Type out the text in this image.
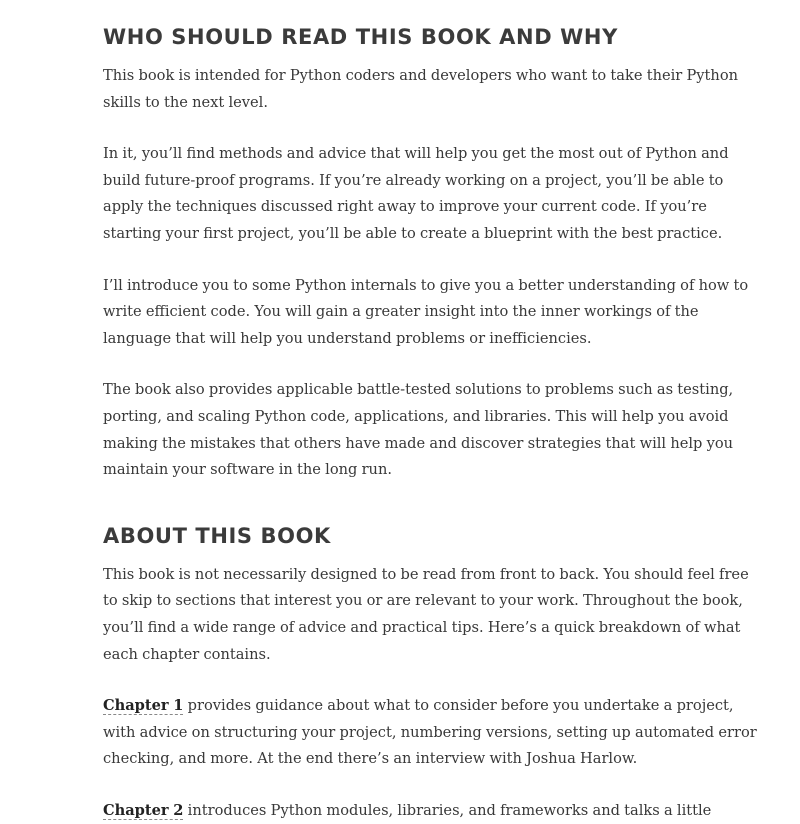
WHO SHOULD READ THIS BOOK AND WHY

This book is intended for Python coders and developers who want to take their Python skills to the next level.

In it, you’ll find methods and advice that will help you get the most out of Python and build future-proof programs. If you’re already working on a project, you’ll be able to apply the techniques discussed right away to improve your current code. If you’re starting your first project, you’ll be able to create a blueprint with the best practice.

I’ll introduce you to some Python internals to give you a better understanding of how to write efficient code. You will gain a greater insight into the inner workings of the language that will help you understand problems or inefficiencies.

The book also provides applicable battle-tested solutions to problems such as testing, porting, and scaling Python code, applications, and libraries. This will help you avoid making the mistakes that others have made and discover strategies that will help you maintain your software in the long run.

ABOUT THIS BOOK

This book is not necessarily designed to be read from front to back. You should feel free to skip to sections that interest you or are relevant to your work. Throughout the book, you’ll find a wide range of advice and practical tips. Here’s a quick breakdown of what each chapter contains.

Chapter 1 provides guidance about what to consider before you undertake a project, with advice on structuring your project, numbering versions, setting up automated error checking, and more. At the end there’s an interview with Joshua Harlow.

Chapter 2 introduces Python modules, libraries, and frameworks and talks a little
